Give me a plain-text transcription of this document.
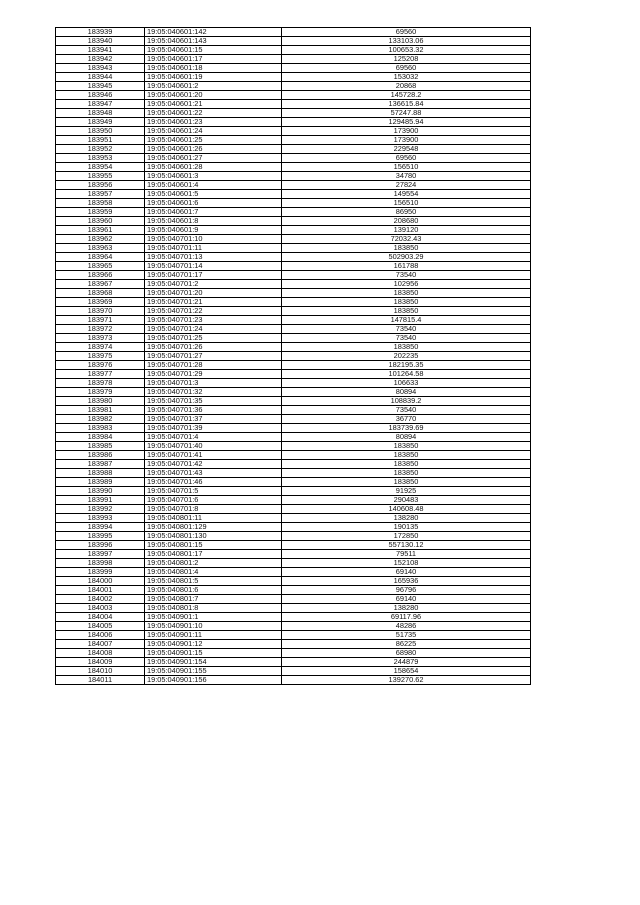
183939	19:05:040601:142	69560
183940	19:05:040601:143	133103.06
183941	19:05:040601:15	100653.32
183942	19:05:040601:17	125208
183943	19:05:040601:18	69560
183944	19:05:040601:19	153032
183945	19:05:040601:2	20868
183946	19:05:040601:20	145728.2
183947	19:05:040601:21	136615.84
183948	19:05:040601:22	57247.88
183949	19:05:040601:23	129485.94
183950	19:05:040601:24	173900
183951	19:05:040601:25	173900
183952	19:05:040601:26	229548
183953	19:05:040601:27	69560
183954	19:05:040601:28	156510
183955	19:05:040601:3	34780
183956	19:05:040601:4	27824
183957	19:05:040601:5	149554
183958	19:05:040601:6	156510
183959	19:05:040601:7	86950
183960	19:05:040601:8	208680
183961	19:05:040601:9	139120
183962	19:05:040701:10	72032.43
183963	19:05:040701:11	183850
183964	19:05:040701:13	502903.29
183965	19:05:040701:14	161788
183966	19:05:040701:17	73540
183967	19:05:040701:2	102956
183968	19:05:040701:20	183850
183969	19:05:040701:21	183850
183970	19:05:040701:22	183850
183971	19:05:040701:23	147815.4
183972	19:05:040701:24	73540
183973	19:05:040701:25	73540
183974	19:05:040701:26	183850
183975	19:05:040701:27	202235
183976	19:05:040701:28	182195.35
183977	19:05:040701:29	101264.58
183978	19:05:040701:3	106633
183979	19:05:040701:32	80894
183980	19:05:040701:35	108839.2
183981	19:05:040701:36	73540
183982	19:05:040701:37	36770
183983	19:05:040701:39	183739.69
183984	19:05:040701:4	80894
183985	19:05:040701:40	183850
183986	19:05:040701:41	183850
183987	19:05:040701:42	183850
183988	19:05:040701:43	183850
183989	19:05:040701:46	183850
183990	19:05:040701:5	91925
183991	19:05:040701:6	290483
183992	19:05:040701:8	140608.48
183993	19:05:040801:11	138280
183994	19:05:040801:129	190135
183995	19:05:040801:130	172850
183996	19:05:040801:15	557130.12
183997	19:05:040801:17	79511
183998	19:05:040801:2	152108
183999	19:05:040801:4	69140
184000	19:05:040801:5	165936
184001	19:05:040801:6	96796
184002	19:05:040801:7	69140
184003	19:05:040801:8	138280
184004	19:05:040901:1	69117.96
184005	19:05:040901:10	48286
184006	19:05:040901:11	51735
184007	19:05:040901:12	86225
184008	19:05:040901:15	68980
184009	19:05:040901:154	244879
184010	19:05:040901:155	158654
184011	19:05:040901:156	139270.62
